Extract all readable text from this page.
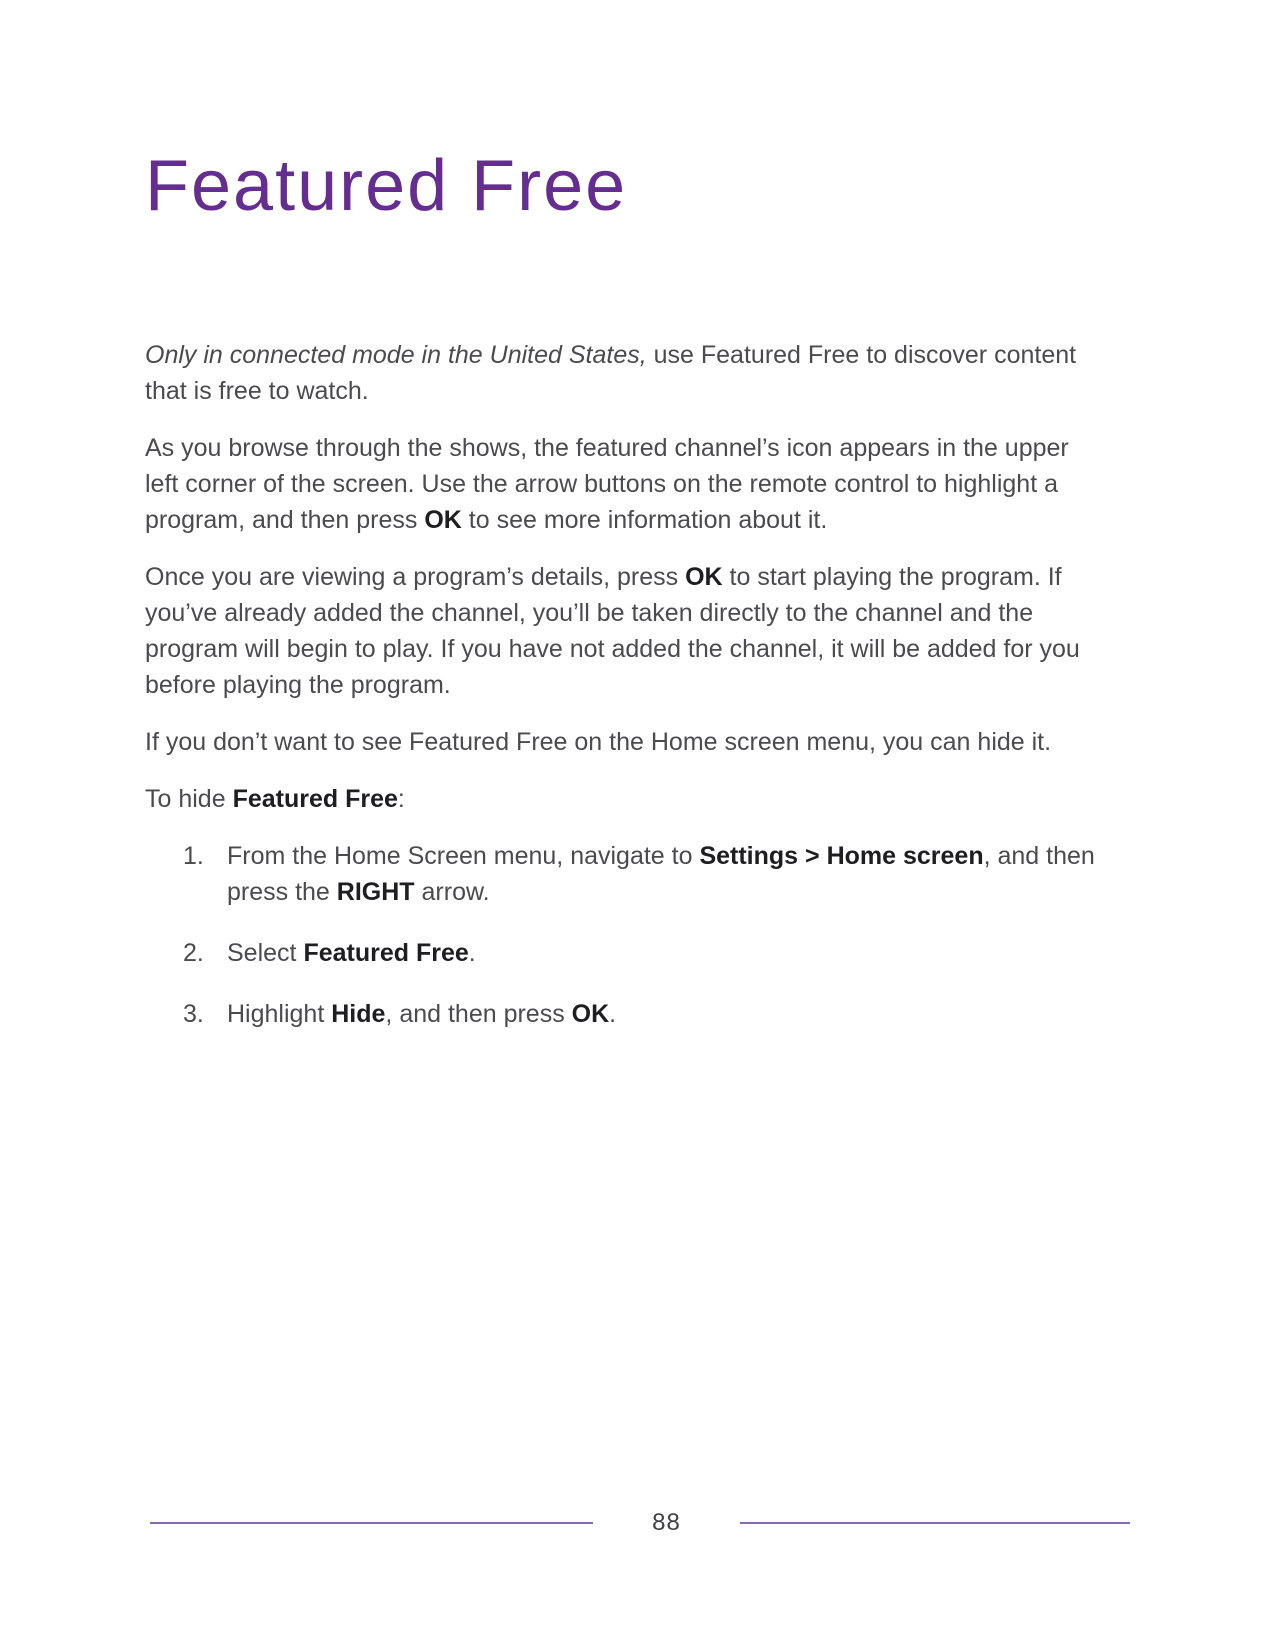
Featured Free

Only in connected mode in the United States, use Featured Free to discover content that is free to watch.

As you browse through the shows, the featured channel’s icon appears in the upper left corner of the screen. Use the arrow buttons on the remote control to highlight a program, and then press OK to see more information about it.

Once you are viewing a program’s details, press OK to start playing the program. If you’ve already added the channel, you’ll be taken directly to the channel and the program will begin to play. If you have not added the channel, it will be added for you before playing the program.

If you don’t want to see Featured Free on the Home screen menu, you can hide it.

To hide Featured Free:

1. From the Home Screen menu, navigate to Settings > Home screen, and then press the RIGHT arrow.
2. Select Featured Free.
3. Highlight Hide, and then press OK.
88
